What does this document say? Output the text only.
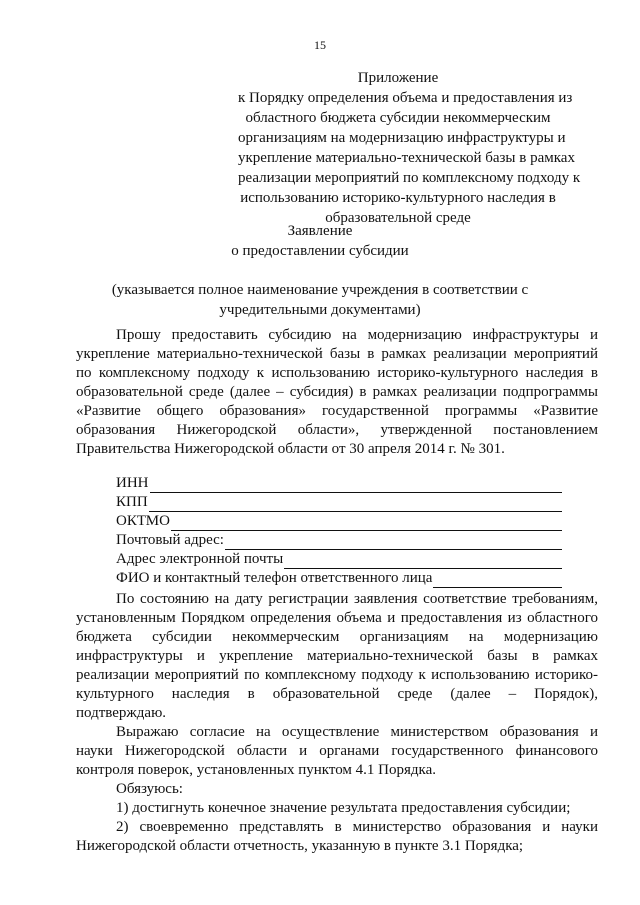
15
Приложение
к Порядку определения объема и предоставления из
областного бюджета субсидии некоммерческим
организациям на модернизацию инфраструктуры и
укрепление материально-технической базы в рамках
реализации мероприятий по комплексному подходу к
использованию историко-культурного наследия в
образовательной среде
Заявление
о предоставлении субсидии
(указывается полное наименование учреждения в соответствии с
учредительными документами)
Прошу предоставить субсидию на модернизацию инфраструктуры и
укрепление материально-технической базы в рамках реализации мероприятий
по комплексному подходу к использованию историко-культурного наследия в
образовательной среде (далее – субсидия) в рамках реализации подпрограммы
«Развитие общего образования» государственной программы «Развитие
образования Нижегородской области», утвержденной постановлением
Правительства Нижегородской области от 30 апреля 2014 г. № 301.
ИНН
КПП
ОКТМО
Почтовый адрес:
Адрес электронной почты
ФИО и контактный телефон ответственного лица
По состоянию на дату регистрации заявления соответствие требованиям,
установленным Порядком определения объема и предоставления из областного
бюджета субсидии некоммерческим организациям на модернизацию
инфраструктуры и укрепление материально-технической базы в рамках
реализации мероприятий по комплексному подходу к использованию историко-
культурного наследия в образовательной среде (далее – Порядок),
подтверждаю.
Выражаю согласие на осуществление министерством образования и
науки Нижегородской области и органами государственного финансового
контроля поверок, установленных пунктом 4.1 Порядка.
Обязуюсь:
1) достигнуть конечное значение результата предоставления субсидии;
2) своевременно представлять в министерство образования и науки
Нижегородской области отчетность, указанную в пункте 3.1 Порядка;
